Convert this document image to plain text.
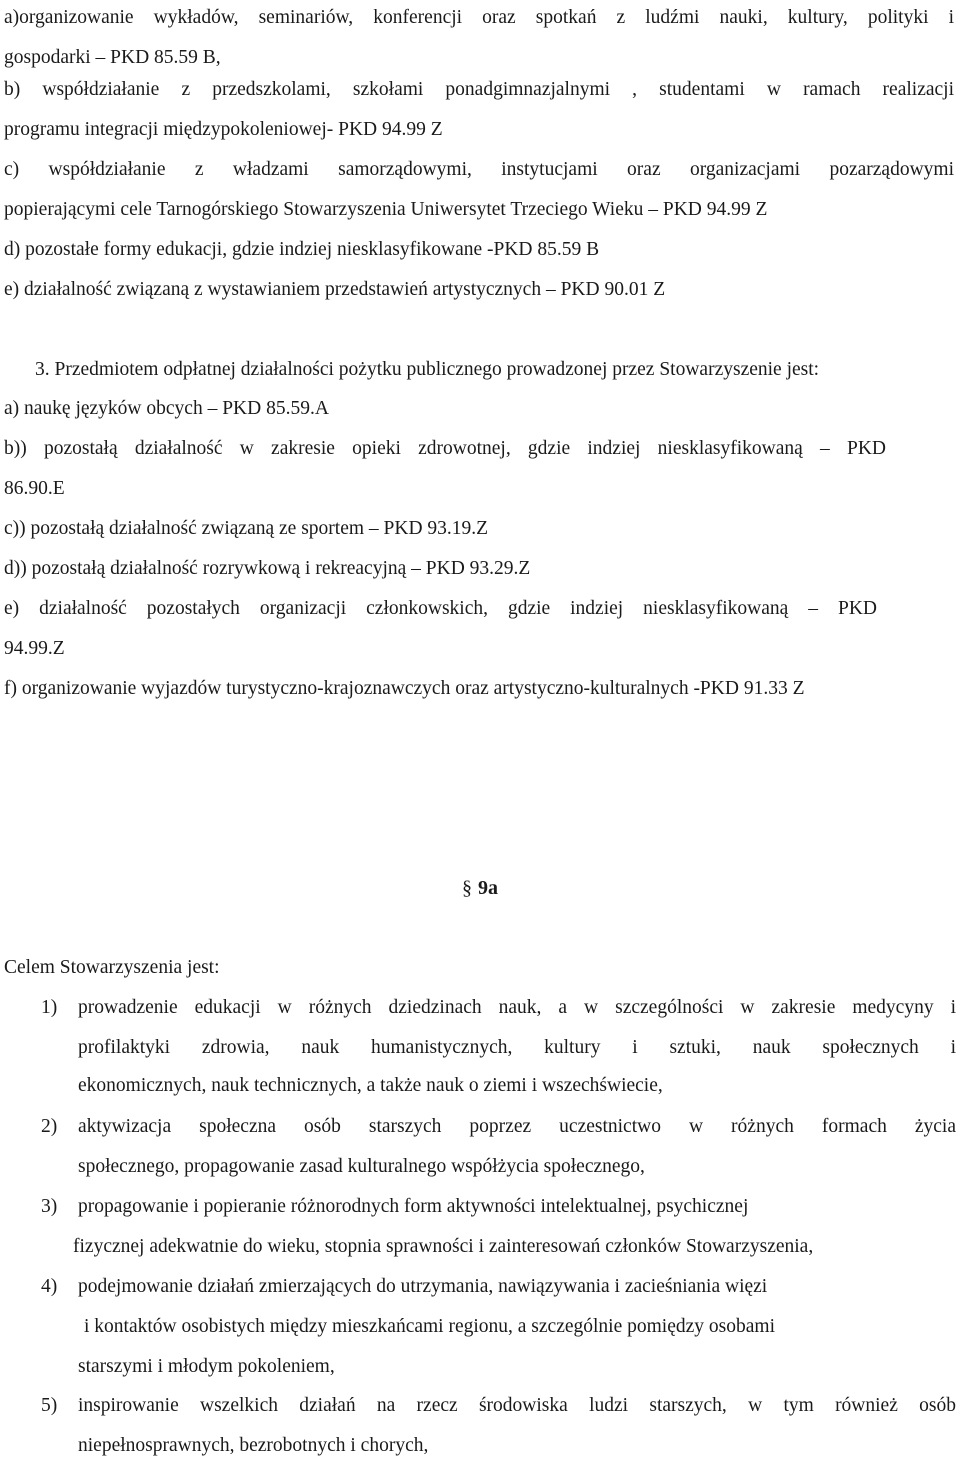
a)organizowanie wykładów, seminariów, konferencji oraz spotkań z ludźmi nauki, kultury, polityki i
gospodarki – PKD 85.59 B,
b) współdziałanie z przedszkolami, szkołami ponadgimnazjalnymi , studentami w ramach realizacji
programu integracji międzypokoleniowej- PKD 94.99 Z
c) współdziałanie z władzami samorządowymi, instytucjami oraz organizacjami pozarządowymi
popierającymi cele Tarnogórskiego Stowarzyszenia Uniwersytet Trzeciego Wieku – PKD 94.99 Z
d) pozostałe formy edukacji, gdzie indziej niesklasyfikowane -PKD 85.59 B
e) działalność związaną z wystawianiem przedstawień artystycznych – PKD 90.01 Z
3. Przedmiotem odpłatnej działalności pożytku publicznego prowadzonej przez Stowarzyszenie jest:
a) naukę języków obcych – PKD 85.59.A
b)) pozostałą działalność w zakresie opieki zdrowotnej, gdzie indziej niesklasyfikowaną – PKD
86.90.E
c)) pozostałą działalność związaną ze sportem – PKD 93.19.Z
d)) pozostałą działalność rozrywkową i rekreacyjną – PKD 93.29.Z
e) działalność pozostałych organizacji członkowskich, gdzie indziej niesklasyfikowaną – PKD
94.99.Z
f) organizowanie wyjazdów turystyczno-krajoznawczych oraz artystyczno-kulturalnych -PKD 91.33 Z
§ 9a
Celem Stowarzyszenia jest:
1) prowadzenie edukacji w różnych dziedzinach nauk, a w szczególności w zakresie medycyny i
profilaktyki zdrowia, nauk humanistycznych, kultury i sztuki, nauk społecznych i
ekonomicznych, nauk technicznych, a także nauk o ziemi i wszechświecie,
2) aktywizacja społeczna osób starszych poprzez uczestnictwo w różnych formach życia
społecznego, propagowanie zasad kulturalnego współżycia społecznego,
3) propagowanie i popieranie różnorodnych form aktywności intelektualnej, psychicznej
fizycznej adekwatnie do wieku, stopnia sprawności i zainteresowań członków Stowarzyszenia,
4) podejmowanie działań zmierzających do utrzymania, nawiązywania i zacieśniania więzi
i kontaktów osobistych między mieszkańcami regionu, a szczególnie pomiędzy osobami
starszymi i młodym pokoleniem,
5) inspirowanie wszelkich działań na rzecz środowiska ludzi starszych, w tym również osób
niepełnosprawnych, bezrobotnych i chorych,
